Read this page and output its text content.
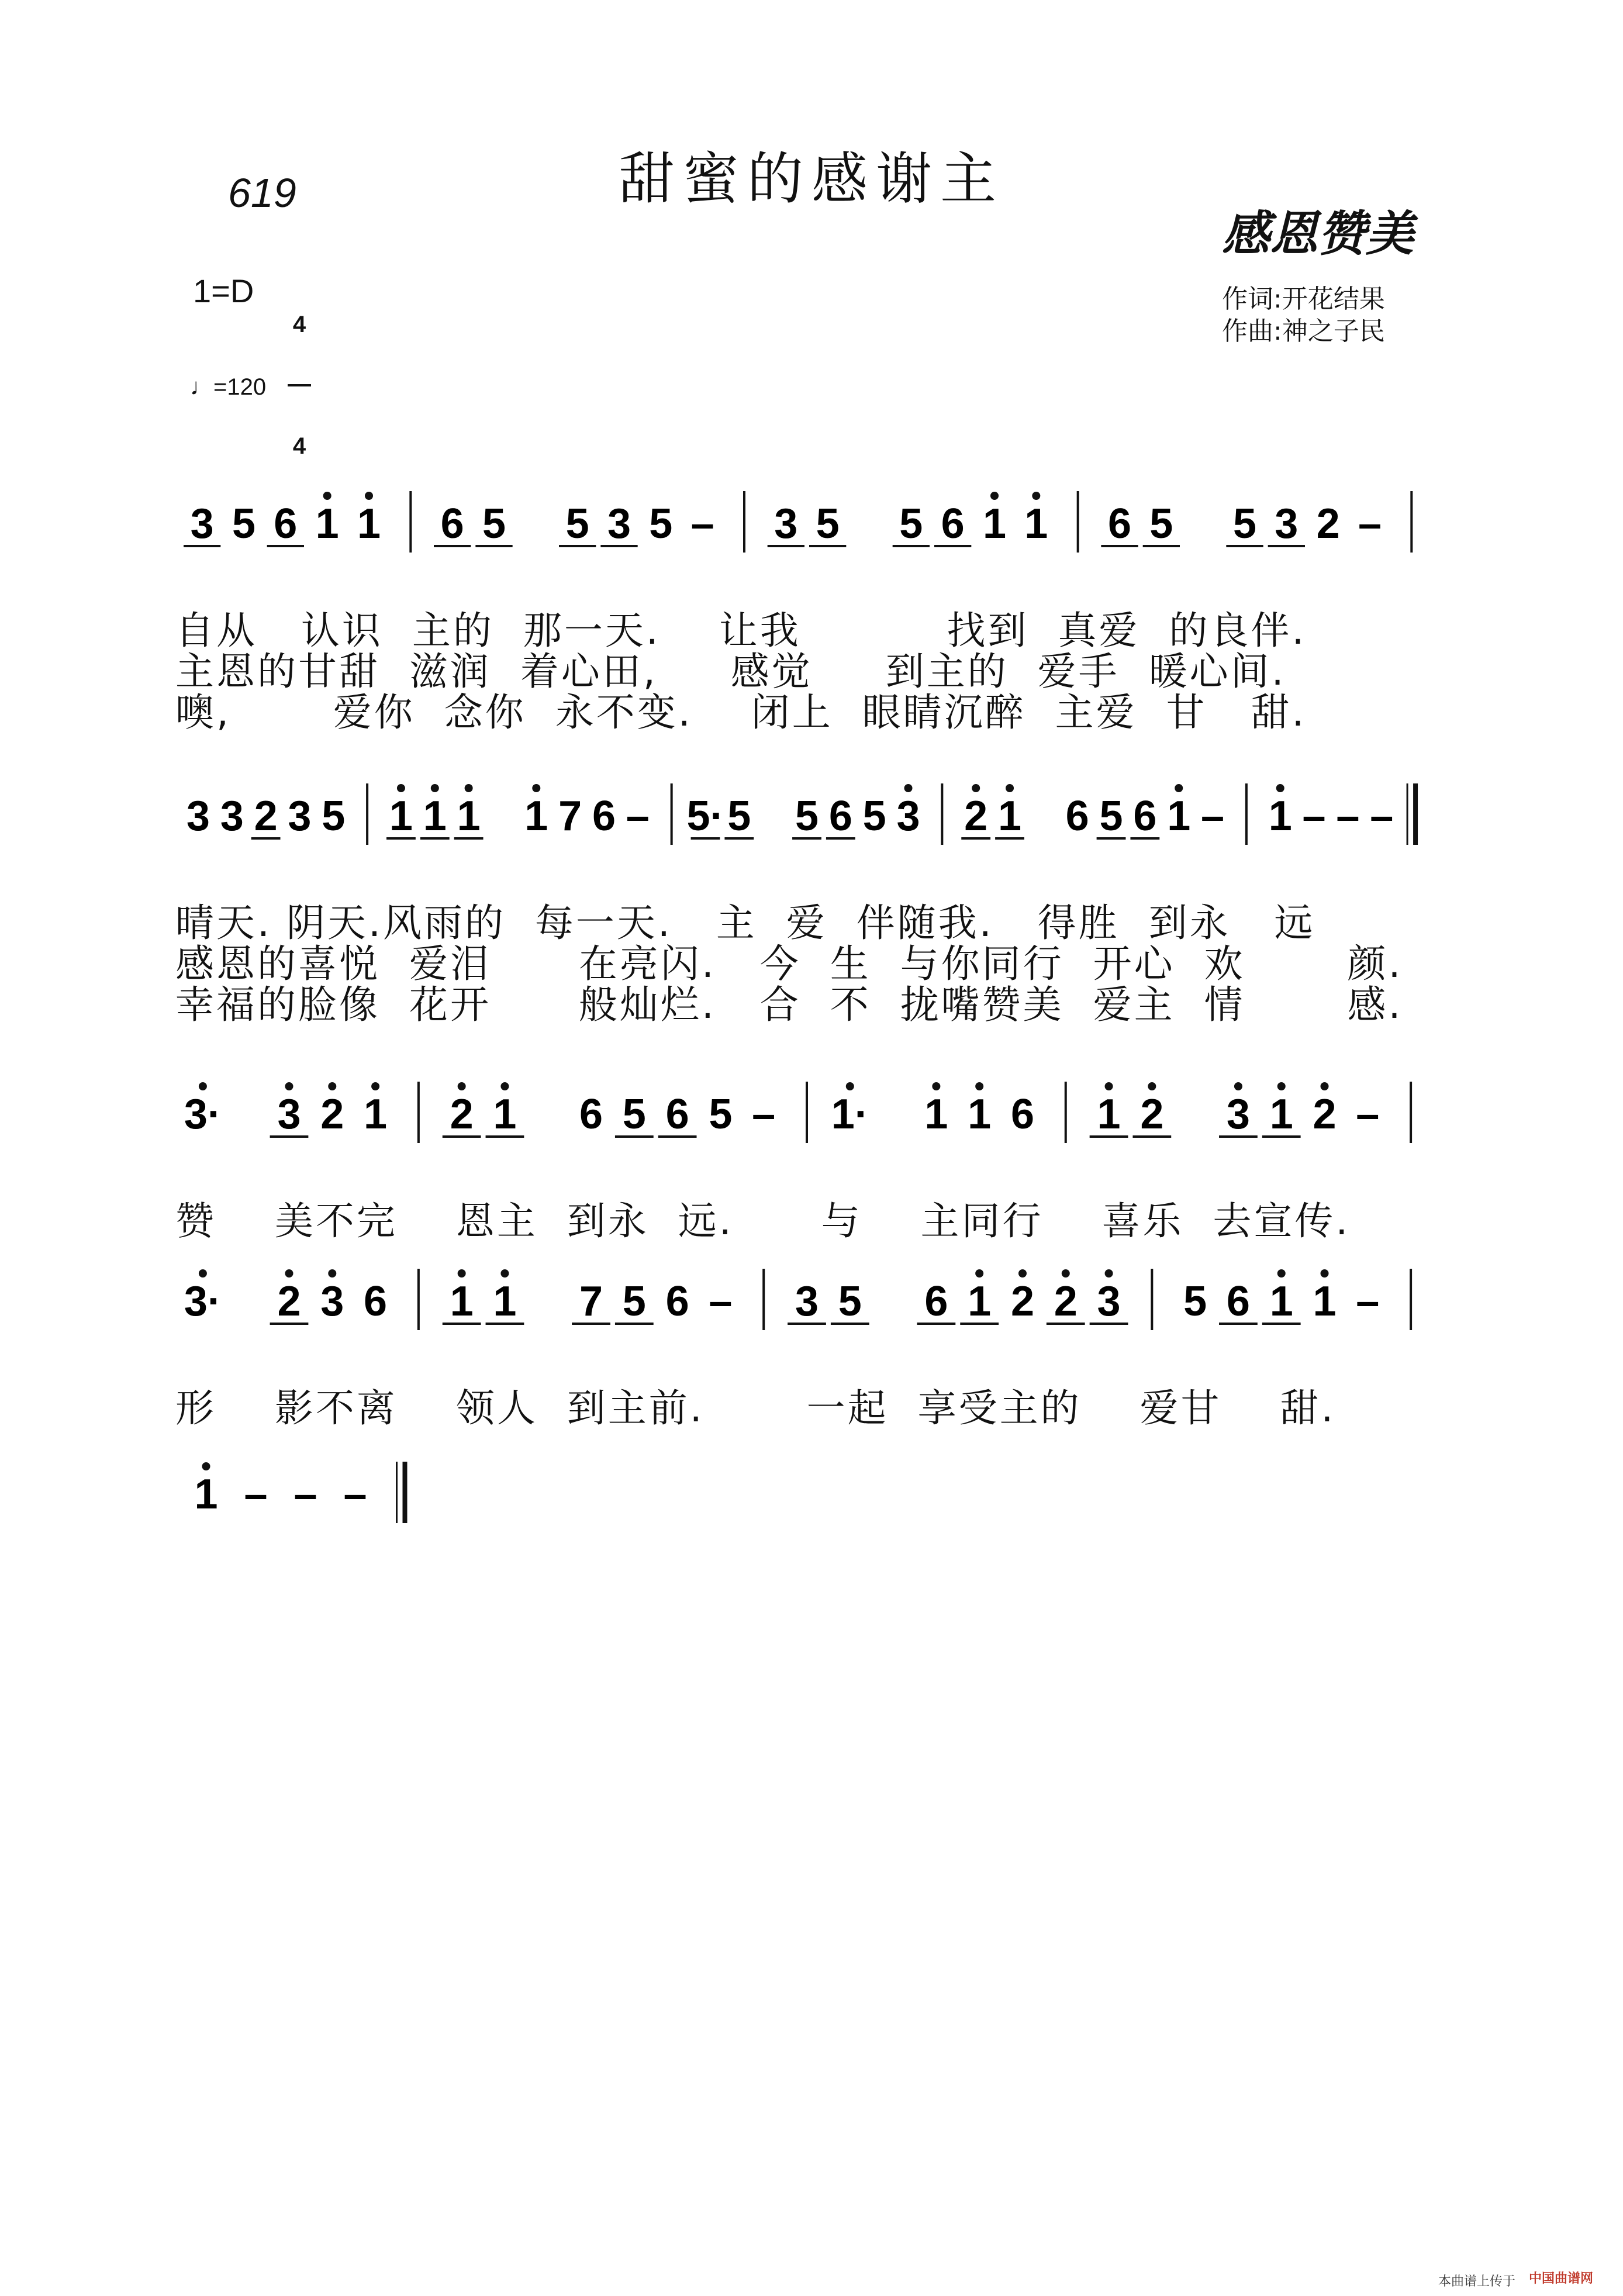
619	甜蜜的感谢主
感恩赞美
1=D

4

4

♩=120
作词:开花结果
作曲:神之子民
3 5 6 1 1 6 5 5 3 5 – 3 5 5 6 1 1 6 5 5 3 2 –
3 3 2 3 5 1 1 1 1 7 6 – 5· 5 5 6 5 3 2 1 6 5 6 1 – 1 – – –
3· 3 2 1 2 1 6 5 6 5 – 1· 1 1 6 1 2 3 1 2 –
3· 2 3 6 1 1 7 5 6 – 3 5 6 1 2 2 3 5 6 1 1 –
1 – – –
自从   认识  主的  那一天.    让我          找到  真爱  的良伴.
主恩的甘甜  滋润  着心田,     感觉     到主的  爱手  暖心间.
噢,       爱你  念你  永不变.    闭上  眼睛沉醉  主爱  甘   甜.
晴天. 阴天.风雨的  每一天.   主  爱  伴随我.   得胜  到永   远
感恩的喜悦  爱泪      在亮闪.   今  生  与你同行  开心  欢       颜.
幸福的脸像  花开      般灿烂.   合  不  拢嘴赞美  爱主  情       感.
赞    美不完    恩主  到永  远.      与    主同行    喜乐  去宣传.
形    影不离    领人  到主前.       一起  享受主的    爱甘    甜.
本曲谱上传于 中国曲谱网
